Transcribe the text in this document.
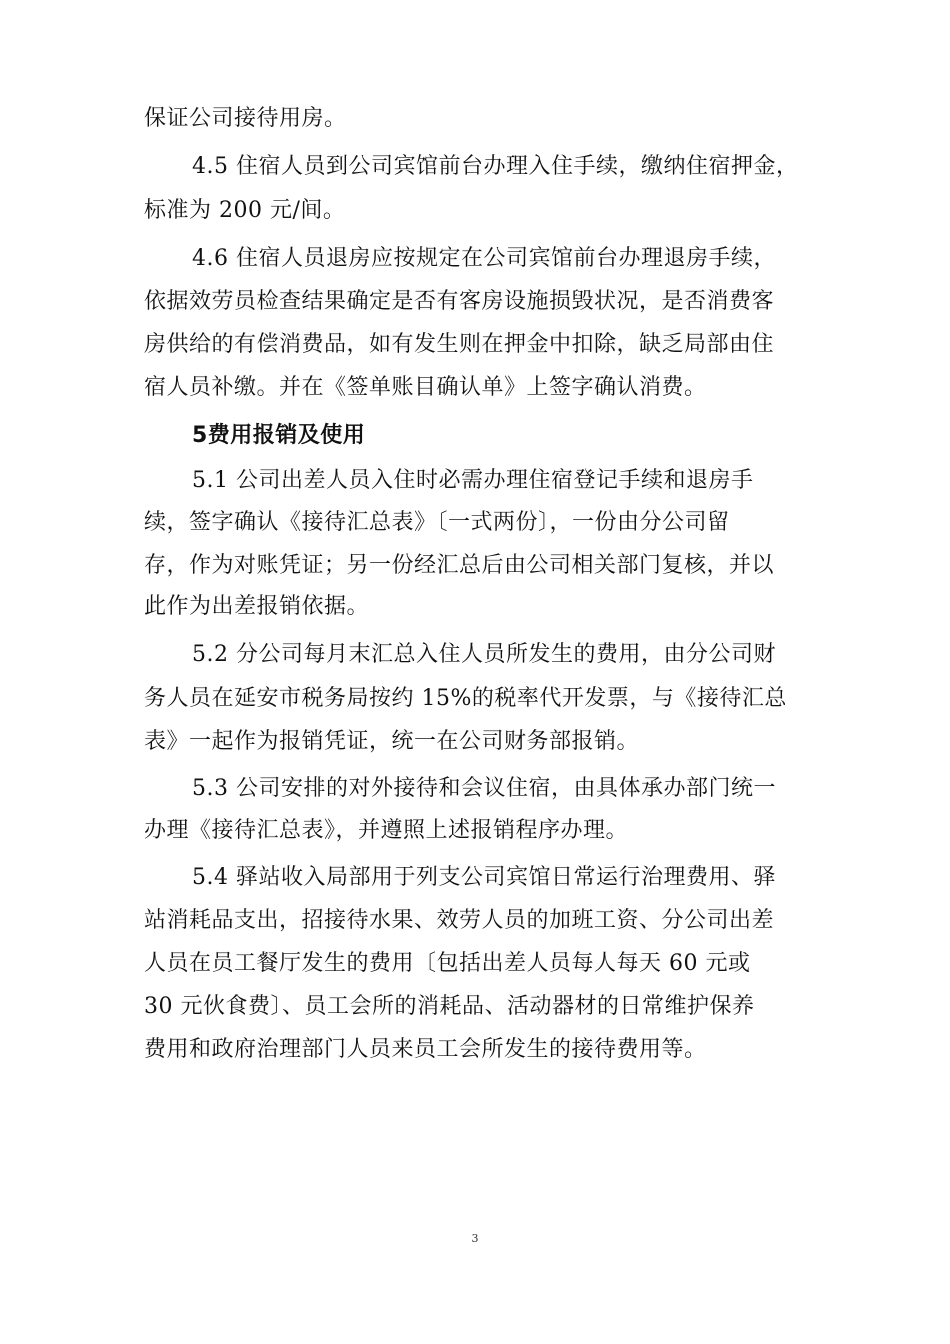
保证公司接待用房。
4.5 住宿人员到公司宾馆前台办理入住手续，缴纳住宿押金，
标准为 200 元/间。
4.6 住宿人员退房应按规定在公司宾馆前台办理退房手续，
依据效劳员检查结果确定是否有客房设施损毁状况，是否消费客
房供给的有偿消费品，如有发生则在押金中扣除，缺乏局部由住
宿人员补缴。并在《签单账目确认单》上签字确认消费。
5费用报销及使用
5.1 公司出差人员入住时必需办理住宿登记手续和退房手
续，签字确认《接待汇总表》〔一式两份〕，一份由分公司留
存，作为对账凭证；另一份经汇总后由公司相关部门复核，并以
此作为出差报销依据。
5.2 分公司每月末汇总入住人员所发生的费用，由分公司财
务人员在延安市税务局按约 15%的税率代开发票，与《接待汇总
表》一起作为报销凭证，统一在公司财务部报销。
5.3 公司安排的对外接待和会议住宿，由具体承办部门统一
办理《接待汇总表》，并遵照上述报销程序办理。
5.4 驿站收入局部用于列支公司宾馆日常运行治理费用、驿
站消耗品支出，招接待水果、效劳人员的加班工资、分公司出差
人员在员工餐厅发生的费用〔包括出差人员每人每天 60 元或
30 元伙食费〕、员工会所的消耗品、活动器材的日常维护保养
费用和政府治理部门人员来员工会所发生的接待费用等。
3
